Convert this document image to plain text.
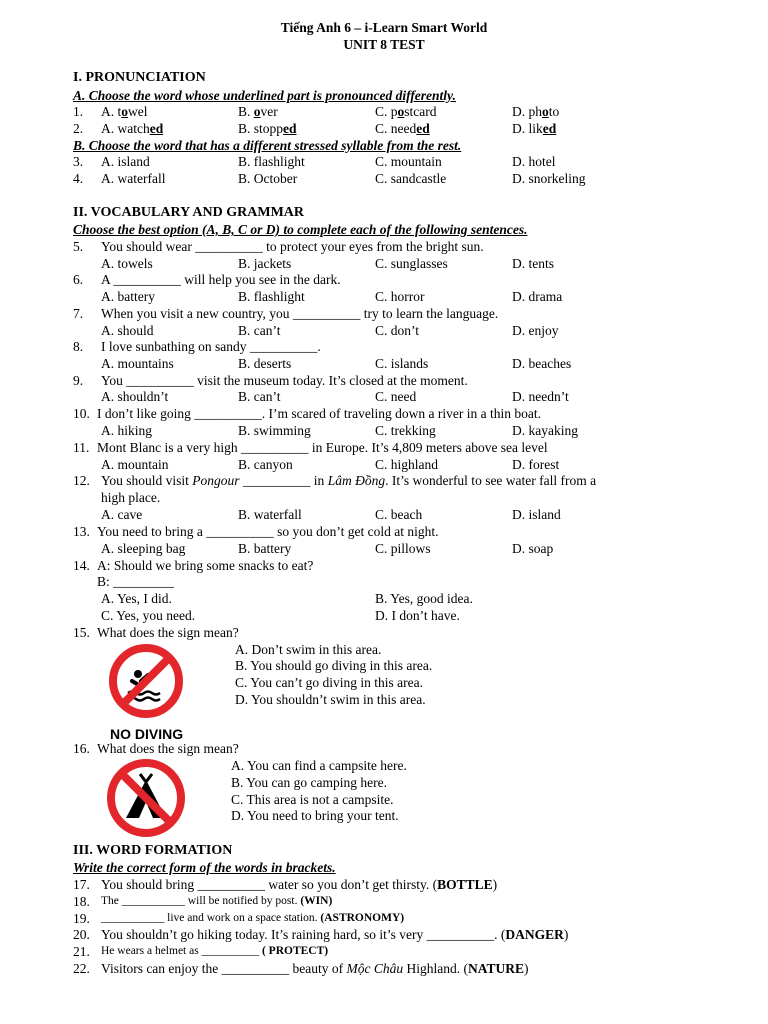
Tiếng Anh 6 – i-Learn Smart World
UNIT 8 TEST
I. PRONUNCIATION
A. Choose the word whose underlined part is pronounced differently.
1. A. towel	B. over	C. postcard	D. photo
2. A. watched	B. stopped	C. needed	D. liked
B. Choose the word that has a different stressed syllable from the rest.
3. A. island	B. flashlight	C. mountain	D. hotel
4. A. waterfall	B. October	C. sandcastle	D. snorkeling
II. VOCABULARY AND GRAMMAR
Choose the best option (A, B, C or D) to complete each of the following sentences.
5. You should wear __________ to protect your eyes from the bright sun.
A. towels	B. jackets	C. sunglasses	D. tents
6. A __________ will help you see in the dark.
A. battery	B. flashlight	C. horror	D. drama
7. When you visit a new country, you __________ try to learn the language.
A. should	B. can’t	C. don’t	D. enjoy
8. I love sunbathing on sandy __________.
A. mountains	B. deserts	C. islands	D. beaches
9. You __________ visit the museum today. It’s closed at the moment.
A. shouldn’t	B. can’t	C. need	D. needn’t
10. I don’t like going __________. I’m scared of traveling down a river in a thin boat.
A. hiking	B. swimming	C. trekking	D. kayaking
11. Mont Blanc is a very high __________ in Europe. It’s 4,809 meters above sea level
A. mountain	B. canyon	C. highland	D. forest
12. You should visit Pongour __________ in Lâm Đồng. It’s wonderful to see water fall from a
high place.
A. cave	B. waterfall	C. beach	D. island
13. You need to bring a __________ so you don’t get cold at night.
A. sleeping bag	B. battery	C. pillows	D. soap
14. A: Should we bring some snacks to eat?
B: _________
A. Yes, I did.	B. Yes, good idea.
C. Yes, you need.	D. I don’t have.
15. What does the sign mean?
NO DIVING
A. Don’t swim in this area.
B. You should go diving in this area.
C. You can’t go diving in this area.
D. You shouldn’t swim in this area.
16. What does the sign mean?
A. You can find a campsite here.
B. You can go camping here.
C. This area is not a campsite.
D. You need to bring your tent.
III. WORD FORMATION
Write the correct form of the words in brackets.
17. You should bring __________ water so you don’t get thirsty. (BOTTLE)
18. The ___________ will be notified by post. (WIN)
19. ___________ live and work on a space station. (ASTRONOMY)
20. You shouldn’t go hiking today. It’s raining hard, so it’s very __________. (DANGER)
21. He wears a helmet as __________ ( PROTECT)
22. Visitors can enjoy the __________ beauty of Mộc Châu Highland. (NATURE)
